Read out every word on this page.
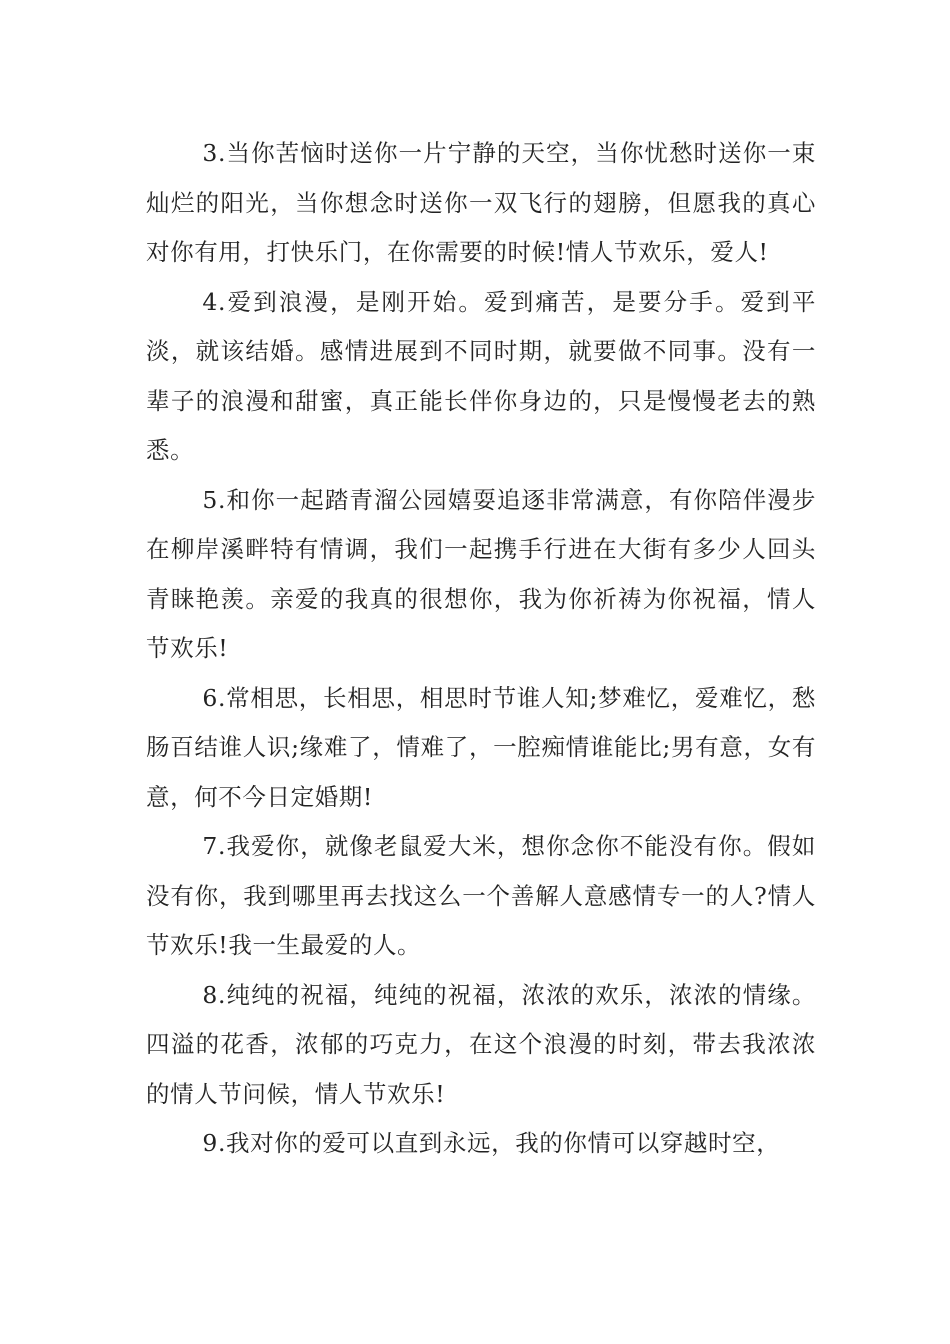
3.当你苦恼时送你一片宁静的天空，当你忧愁时送你一束灿烂的阳光，当你想念时送你一双飞行的翅膀，但愿我的真心对你有用，打快乐门，在你需要的时候!情人节欢乐，爱人!

4.爱到浪漫，是刚开始。爱到痛苦，是要分手。爱到平淡，就该结婚。感情进展到不同时期，就要做不同事。没有一辈子的浪漫和甜蜜，真正能长伴你身边的，只是慢慢老去的熟悉。

5.和你一起踏青溜公园嬉耍追逐非常满意，有你陪伴漫步在柳岸溪畔特有情调，我们一起携手行进在大街有多少人回头青睐艳羡。亲爱的我真的很想你，我为你祈祷为你祝福，情人节欢乐!

6.常相思，长相思，相思时节谁人知;梦难忆，爱难忆，愁肠百结谁人识;缘难了，情难了，一腔痴情谁能比;男有意，女有意，何不今日定婚期!

7.我爱你，就像老鼠爱大米，想你念你不能没有你。假如没有你，我到哪里再去找这么一个善解人意感情专一的人?情人节欢乐!我一生最爱的人。

8.纯纯的祝福，纯纯的祝福，浓浓的欢乐，浓浓的情缘。四溢的花香，浓郁的巧克力，在这个浪漫的时刻，带去我浓浓的情人节问候，情人节欢乐!

9.我对你的爱可以直到永远，我的你情可以穿越时空，
